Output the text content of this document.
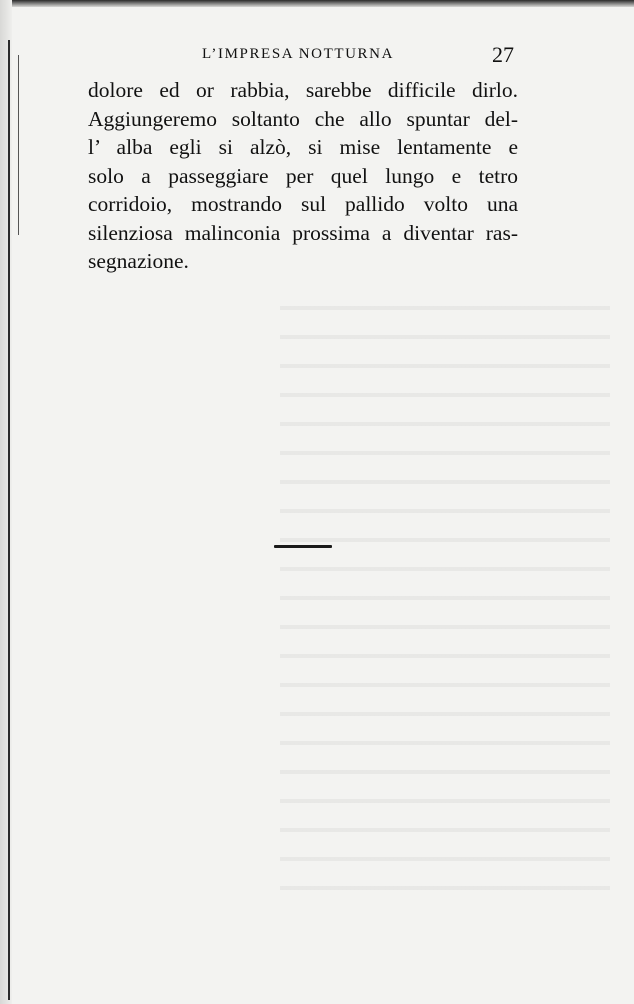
L’IMPRESA NOTTURNA	27
dolore ed or rabbia, sarebbe difficile dirlo.
Aggiungeremo soltanto che allo spuntar del-
l’ alba egli si alzò, si mise lentamente e
solo a passeggiare per quel lungo e tetro
corridoio, mostrando sul pallido volto una
silenziosa malinconia prossima a diventar ras-
segnazione.
